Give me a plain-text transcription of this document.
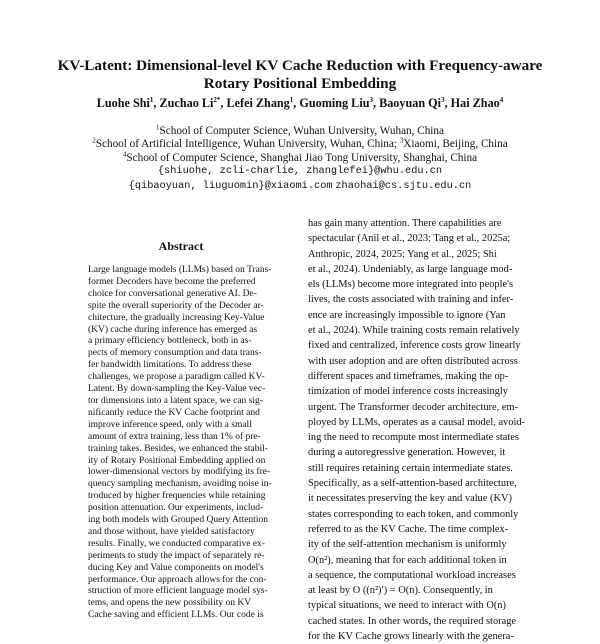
KV-Latent: Dimensional-level KV Cache Reduction with Frequency-aware
Rotary Positional Embedding
Luohe Shi$^1$, Zuchao $Li^{2*}$, Lefei Zhang$^1$, Guoming Liu$^3$, Baoyuan Qi$^3$, Hai Zhao$^4$
$^1$School of Computer Science, Wuhan University, Wuhan, China
$^2$School of Artificial Intelligence, Wuhan University, Wuhan, China; $^3$Xiaomi, Beijing, China
$^4$School of Computer Science, Shanghai Jiao Tong University, Shanghai, China
{shiuohe, zcli-charlie, zhanglefei}@whu.edu.cn
{qibaoyuan, liuguomin}@xiaomi.com zhaohai@cs.sjtu.edu.cn
Abstract
Large language models (LLMs) based on Trans-
former Decoders have become the preferred
choice for conversational generative AI. De-
spite the overall superiority of the Decoder ar-
chitecture, the gradually increasing Key-Value
(KV) cache during inference has emerged as
a primary efficiency bottleneck, both in as-
pects of memory consumption and data trans-
fer bandwidth limitations. To address these
challenges, we propose a paradigm called KV-
Latent. By down-sampling the Key-Value vec-
tor dimensions into a latent space, we can sig-
nificantly reduce the KV Cache footprint and
improve inference speed, only with a small
amount of extra training, less than 1% of pre-
training takes. Besides, we enhanced the stabil-
ity of Rotary Positional Embedding applied on
lower-dimensional vectors by modifying its fre-
quency sampling mechanism, avoiding noise in-
troduced by higher frequencies while retaining
position attenuation. Our experiments, includ-
ing both models with Grouped Query Attention
and those without, have yielded satisfactory
results. Finally, we conducted comparative ex-
periments to study the impact of separately re-
ducing Key and Value components on model's
performance. Our approach allows for the con-
struction of more efficient language model sys-
tems, and opens the new possibility on KV
Cache saving and efficient LLMs. Our code is
has gain many attention. There capabilities are
spectacular (Anil et al., 2023; Tang et al., 2025a;
Anthropic, 2024, 2025; Yang et al., 2025; Shi
et al., 2024). Undeniably, as large language mod-
els (LLMs) become more integrated into people's
lives, the costs associated with training and infer-
ence are increasingly impossible to ignore (Yan
et al., 2024). While training costs remain relatively
fixed and centralized, inference costs grow linearly
with user adoption and are often distributed across
different spaces and timeframes, making the op-
timization of model inference costs increasingly
urgent. The Transformer decoder architecture, em-
ployed by LLMs, operates as a causal model, avoid-
ing the need to recompute most intermediate states
during a autoregressive generation. However, it
still requires retaining certain intermediate states.
Specifically, as a self-attention-based architecture,
it necessitates preserving the key and value (KV)
states corresponding to each token, and commonly
referred to as the KV Cache. The time complex-
ity of the self-attention mechanism is uniformly
O(n²), meaning that for each additional token in
a sequence, the computational workload increases
at least by O ((n²)′) = O(n). Consequently, in
typical situations, we need to interact with O(n)
cached states. In other words, the required storage
for the KV Cache grows linearly with the genera-
